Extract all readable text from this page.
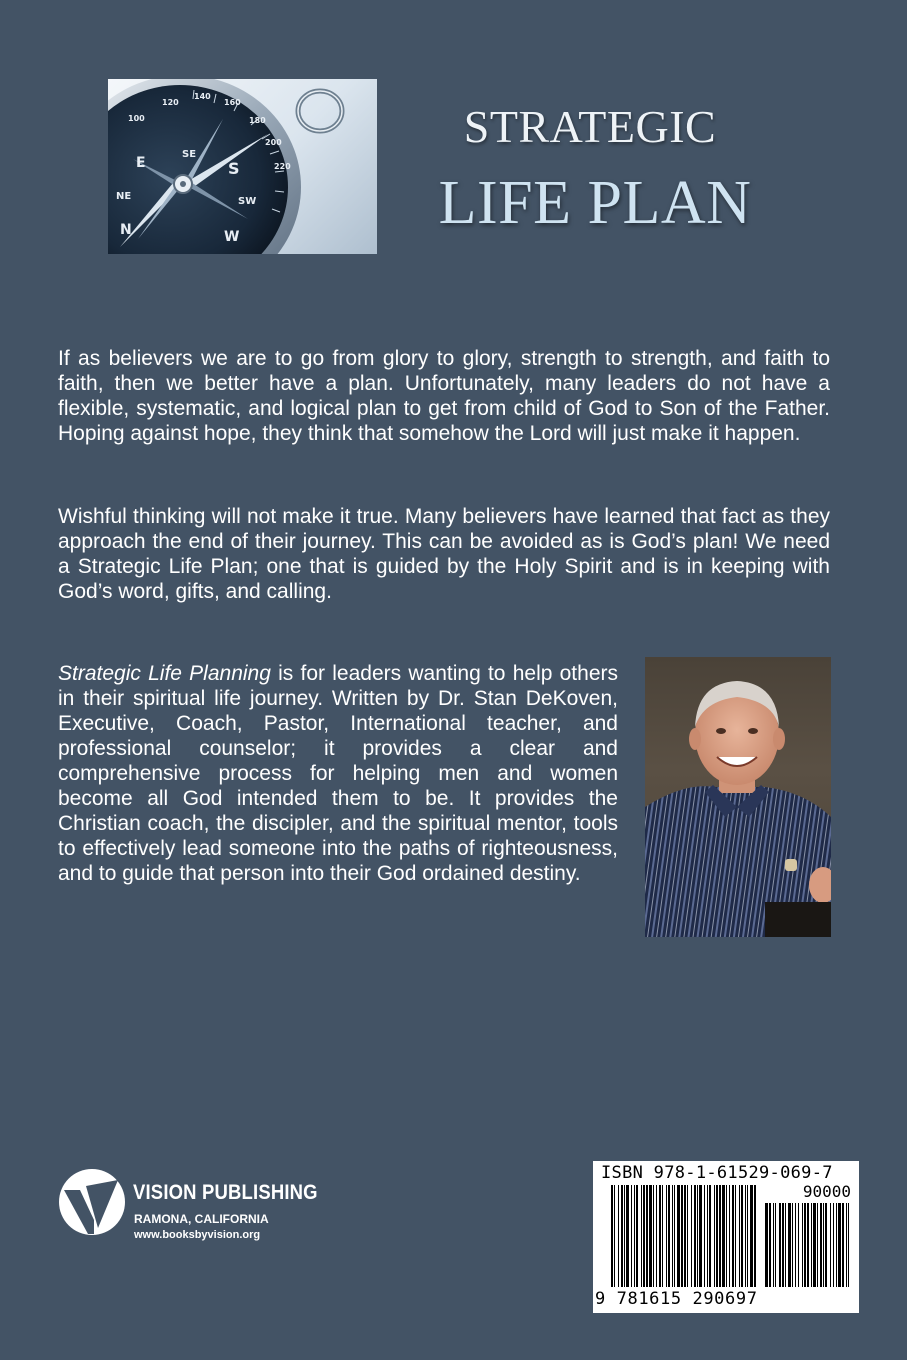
100
120
140
160
180
200
220
N
NE
E
SE
S
SW
W
STRATEGIC
LIFE PLAN
If as believers we are to go from glory to glory, strength to strength, and faith to faith, then we better have a plan. Unfortunately, many leaders do not have a flexible, systematic, and logical plan to get from child of God to Son of the Father. Hoping against hope, they think that somehow the Lord will just make it happen.
Wishful thinking will not make it true. Many believers have learned that fact as they approach the end of their journey. This can be avoided as is God’s plan! We need a Strategic Life Plan; one that is guided by the Holy Spirit and is in keeping with God’s word, gifts, and calling.
Strategic Life Planning is for leaders wanting to help others in their spiritual life journey. Written by Dr. Stan DeKoven, Executive, Coach, Pastor, International teacher, and professional counselor; it provides a clear and comprehensive process for helping men and women become all God intended them to be. It provides the Christian coach, the discipler, and the spiritual mentor, tools to effectively lead someone into the paths of righteousness, and to guide that person into their God ordained destiny.
VISION PUBLISHING
RAMONA, CALIFORNIA
www.booksbyvision.org
ISBN 978-1-61529-069-7
90000
9 781615 290697
